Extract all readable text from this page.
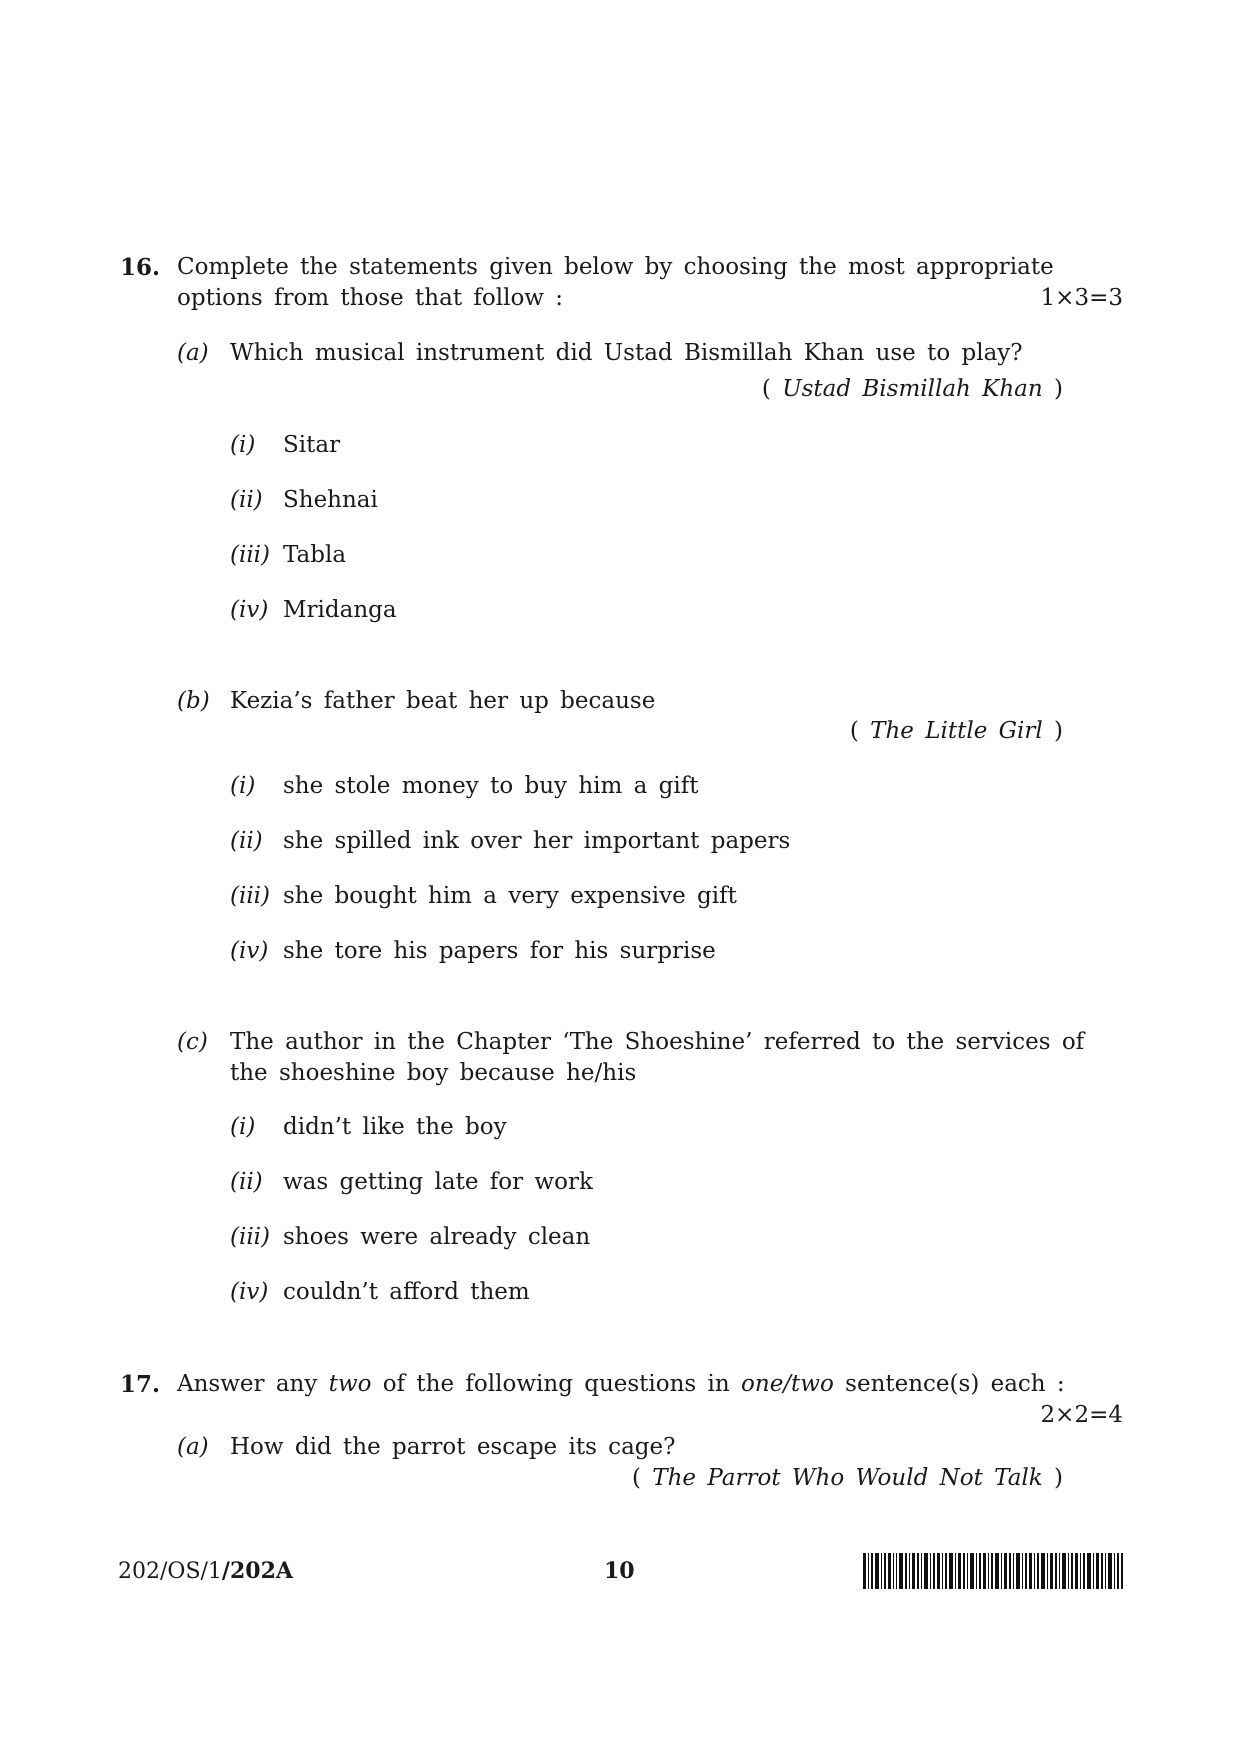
16. Complete the statements given below by choosing the most appropriate
options from those that follow :	1×3=3
(a) Which musical instrument did Ustad Bismillah Khan use to play?
( Ustad Bismillah Khan )
(i) Sitar
(ii) Shehnai
(iii) Tabla
(iv) Mridanga
(b) Kezia’s father beat her up because
( The Little Girl )
(i) she stole money to buy him a gift
(ii) she spilled ink over her important papers
(iii) she bought him a very expensive gift
(iv) she tore his papers for his surprise
(c) The author in the Chapter ‘The Shoeshine’ referred to the services of
the shoeshine boy because he/his
(i) didn’t like the boy
(ii) was getting late for work
(iii) shoes were already clean
(iv) couldn’t afford them
17. Answer any two of the following questions in one/two sentence(s) each :
2×2=4
(a) How did the parrot escape its cage?
( The Parrot Who Would Not Talk )
202/OS/1/202A	10
